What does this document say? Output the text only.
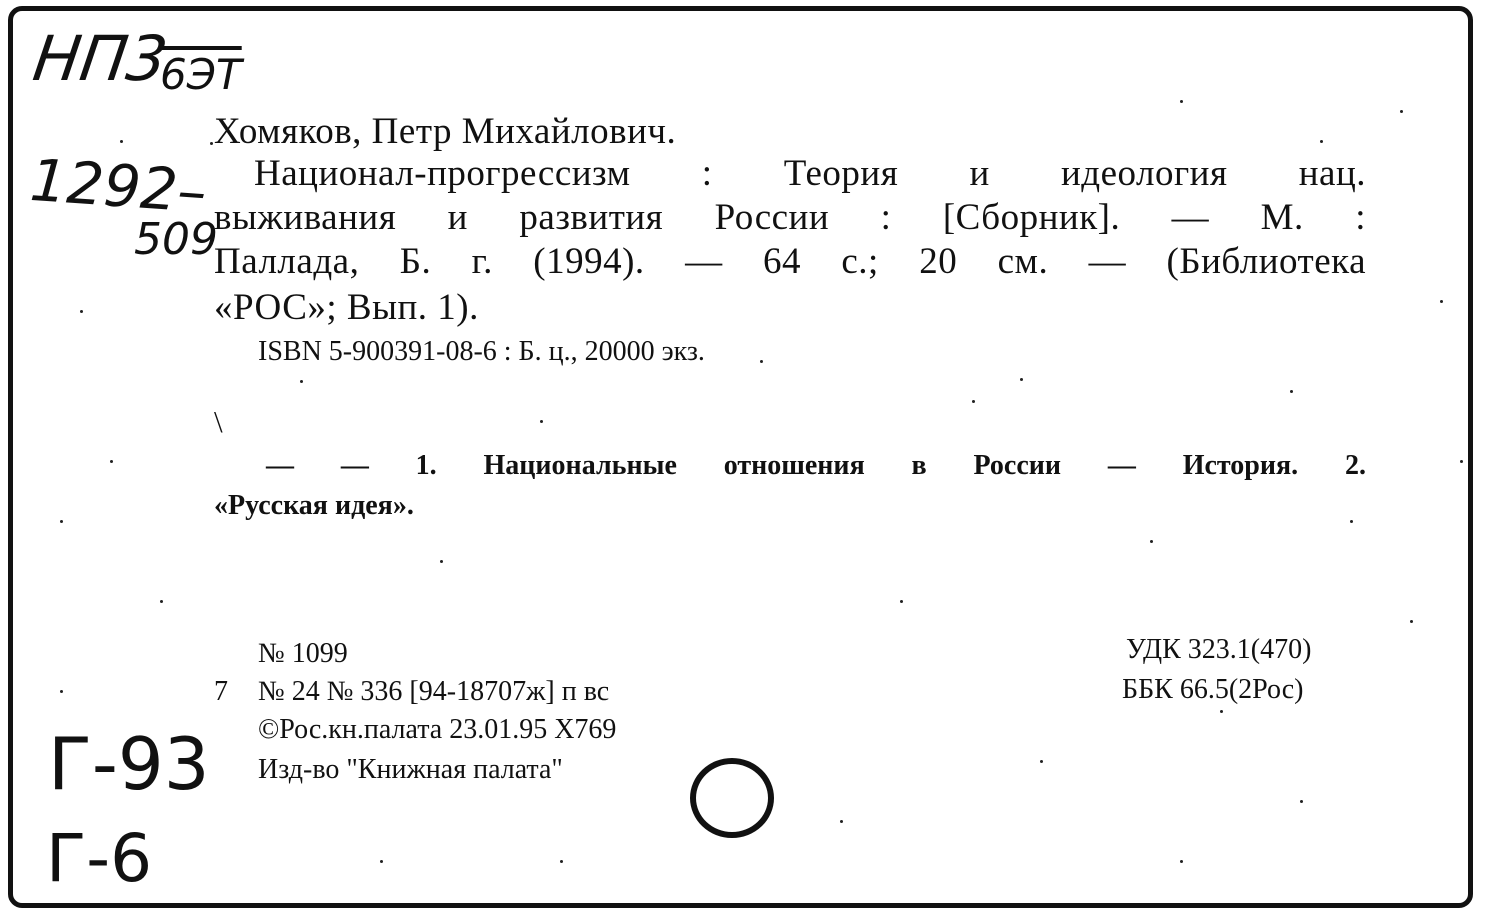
НП3
6ЭТ
1292–
509
Г-93
Г-6
Хомяков, Петр Михайлович.
Национал-прогрессизм : Теория и идеология нац.
выживания и развития России : [Сборник]. — М. :
Паллада, Б. г. (1994). — 64 с.; 20 см. — (Библиотека
«РОС»; Вып. 1).
ISBN 5-900391-08-6 : Б. ц., 20000 экз.
\
— — 1. Национальные отношения в России — История. 2.
«Русская идея».
№ 1099
7 № 24 № 336 [94-18707ж] п вс
©Рос.кн.палата 23.01.95 X769
Изд-во "Книжная палата"
УДК 323.1(470)
ББК 66.5(2Рос)
